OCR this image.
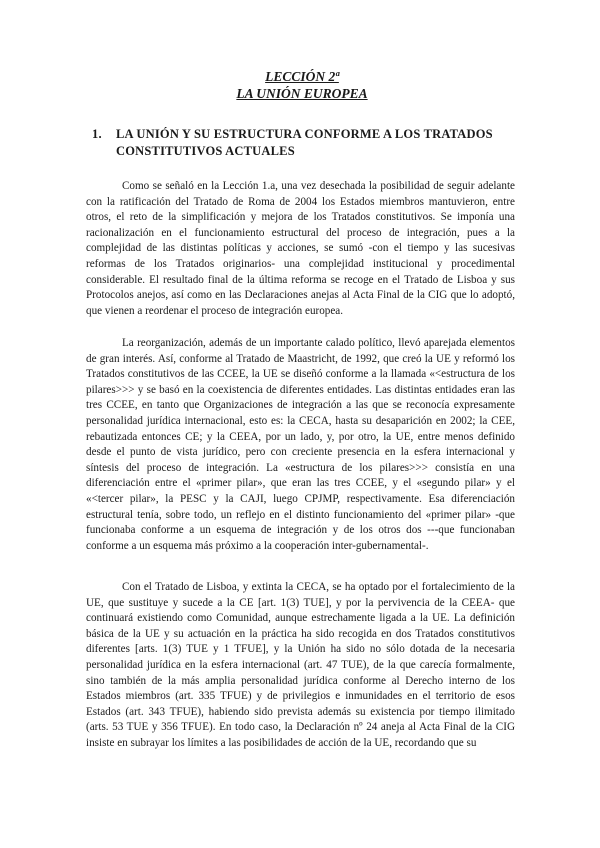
LECCIÓN 2ª
LA UNIÓN EUROPEA
1. LA UNIÓN Y SU ESTRUCTURA CONFORME A LOS TRATADOS CONSTITUTIVOS ACTUALES

Como se señaló en la Lección 1.a, una vez desechada la posibilidad de seguir adelante con la ratificación del Tratado de Roma de 2004 los Estados miembros mantuvieron, entre otros, el reto de la simplificación y mejora de los Tratados constitutivos. Se imponía una racionalización en el funcionamiento estructural del proceso de integración, pues a la complejidad de las distintas políticas y acciones, se sumó -con el tiempo y las sucesivas reformas de los Tratados originarios- una complejidad institucional y procedimental considerable. El resultado final de la última reforma se recoge en el Tratado de Lisboa y sus Protocolos anejos, así como en las Declaraciones anejas al Acta Final de la CIG que lo adoptó, que vienen a reordenar el proceso de integración europea.

La reorganización, además de un importante calado político, llevó aparejada elementos de gran interés. Así, conforme al Tratado de Maastricht, de 1992, que creó la UE y reformó los Tratados constitutivos de las CCEE, la UE se diseñó conforme a la llamada «<estructura de los pilares>>> y se basó en la coexistencia de diferentes entidades. Las distintas entidades eran las tres CCEE, en tanto que Organizaciones de integración a las que se reconocía expresamente personalidad jurídica internacional, esto es: la CECA, hasta su desaparición en 2002; la CEE, rebautizada entonces CE; y la CEEA, por un lado, y, por otro, la UE, entre menos definido desde el punto de vista jurídico, pero con creciente presencia en la esfera internacional y síntesis del proceso de integración. La «estructura de los pilares>>> consistía en una diferenciación entre el «primer pilar», que eran las tres CCEE, y el «segundo pilar» y el «<tercer pilar», la PESC y la CAJI, luego CPJMP, respectivamente. Esa diferenciación estructural tenía, sobre todo, un reflejo en el distinto funcionamiento del «primer pilar» -que funcionaba conforme a un esquema de integración y de los otros dos ---que funcionaban conforme a un esquema más próximo a la cooperación inter-gubernamental-.

Con el Tratado de Lisboa, y extinta la CECA, se ha optado por el fortalecimiento de la UE, que sustituye y sucede a la CE [art. 1(3) TUE], y por la pervivencia de la CEEA- que continuará existiendo como Comunidad, aunque estrechamente ligada a la UE. La definición básica de la UE y su actuación en la práctica ha sido recogida en dos Tratados constitutivos diferentes [arts. 1(3) TUE y 1 TFUE], y la Unión ha sido no sólo dotada de la necesaria personalidad jurídica en la esfera internacional (art. 47 TUE), de la que carecía formalmente, sino también de la más amplia personalidad jurídica conforme al Derecho interno de los Estados miembros (art. 335 TFUE) y de privilegios e inmunidades en el territorio de esos Estados (art. 343 TFUE), habiendo sido prevista además su existencia por tiempo ilimitado (arts. 53 TUE y 356 TFUE). En todo caso, la Declaración nº 24 aneja al Acta Final de la CIG insiste en subrayar los límites a las posibilidades de acción de la UE, recordando que su
